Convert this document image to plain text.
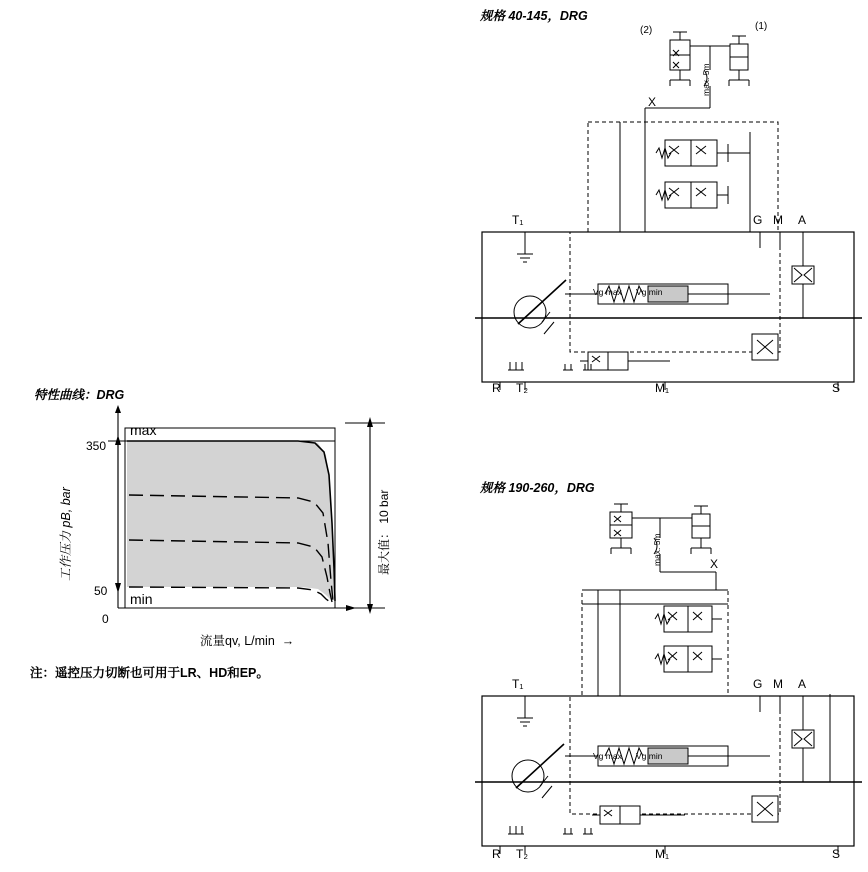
特性曲线：DRG
350
50
0
max
min
工作压力 pB, bar	最大值： 10 bar
流量qv, L/min  →
注：遥控压力切断也可用于LR、HD和EP。
规格 40-145，DRG
(2)	(1)
max. 5m
X
T₁	G M A
Vg max Vg min
R T₂	M₁	S
规格 190-260，DRG
max. 5m	X
T₁	G M A
Vg max Vg min
R T₂	M₁	S
